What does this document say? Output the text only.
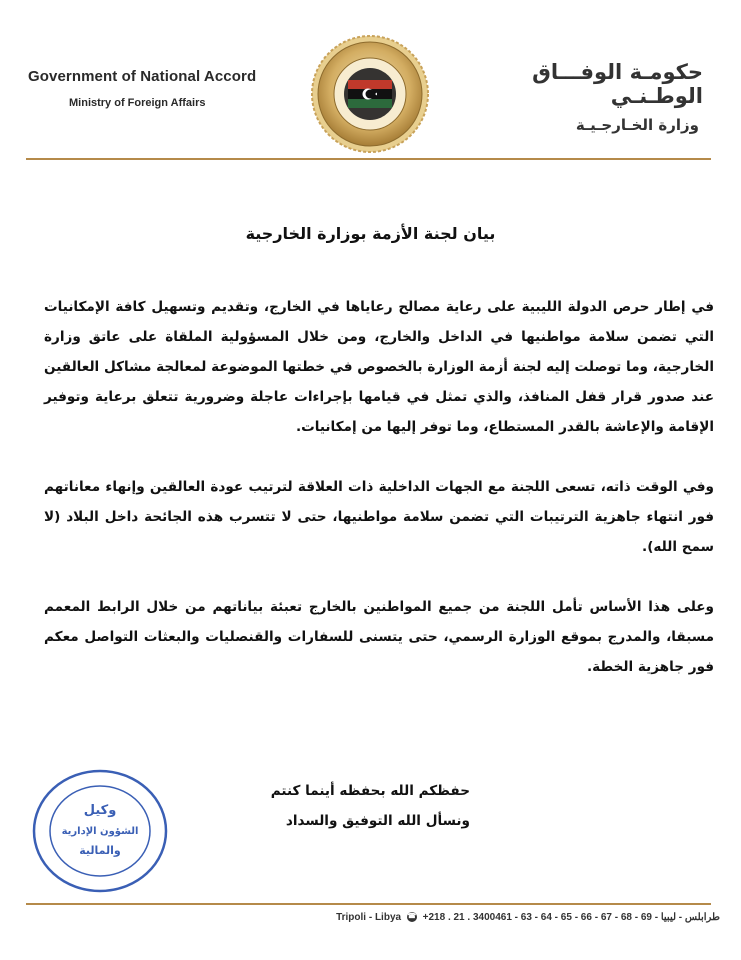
Government of National Accord
Ministry of Foreign Affairs
حكومـة الوفـــاق الوطـنـي
وزارة الخـارجـيـة
بيان لجنة الأزمة بوزارة الخارجية

في إطار حرص الدولة الليبية على رعاية مصالح رعاياها في الخارج، وتقديم وتسهيل كافة الإمكانيات التي تضمن سلامة مواطنيها في الداخل والخارج، ومن خلال المسؤولية الملقاة على عاتق وزارة الخارجية، وما توصلت إليه لجنة أزمة الوزارة بالخصوص في خطتها الموضوعة لمعالجة مشاكل العالقين عند صدور قرار قفل المنافذ، والذي تمثل في قيامها بإجراءات عاجلة وضرورية تتعلق برعاية وتوفير الإقامة والإعاشة بالقدر المستطاع، وما توفر إليها من إمكانيات.

وفي الوقت ذاته، تسعى اللجنة مع الجهات الداخلية ذات العلاقة لترتيب عودة العالقين وإنهاء معاناتهم فور انتهاء جاهزية الترتيبات التي تضمن سلامة مواطنيها، حتى لا تتسرب هذه الجائحة داخل البلاد (لا سمح الله).

وعلى هذا الأساس تأمل اللجنة من جميع المواطنين بالخارج تعبئة بياناتهم من خلال الرابط المعمم مسبقا، والمدرج بموقع الوزارة الرسمي، حتى يتسنى للسفارات والقنصليات والبعثات التواصل معكم فور جاهزية الخطة.

حفظكم الله بحفظه أينما كنتم
ونسأل الله التوفيق والسداد
وكيل
الشؤون الإدارية
والمالية
Tripoli - Libya ☎ +218 . 21 . 3400461 - 63 - 64 - 65 - 66 - 67 - 68 - 69 - طرابلس - ليبيا
